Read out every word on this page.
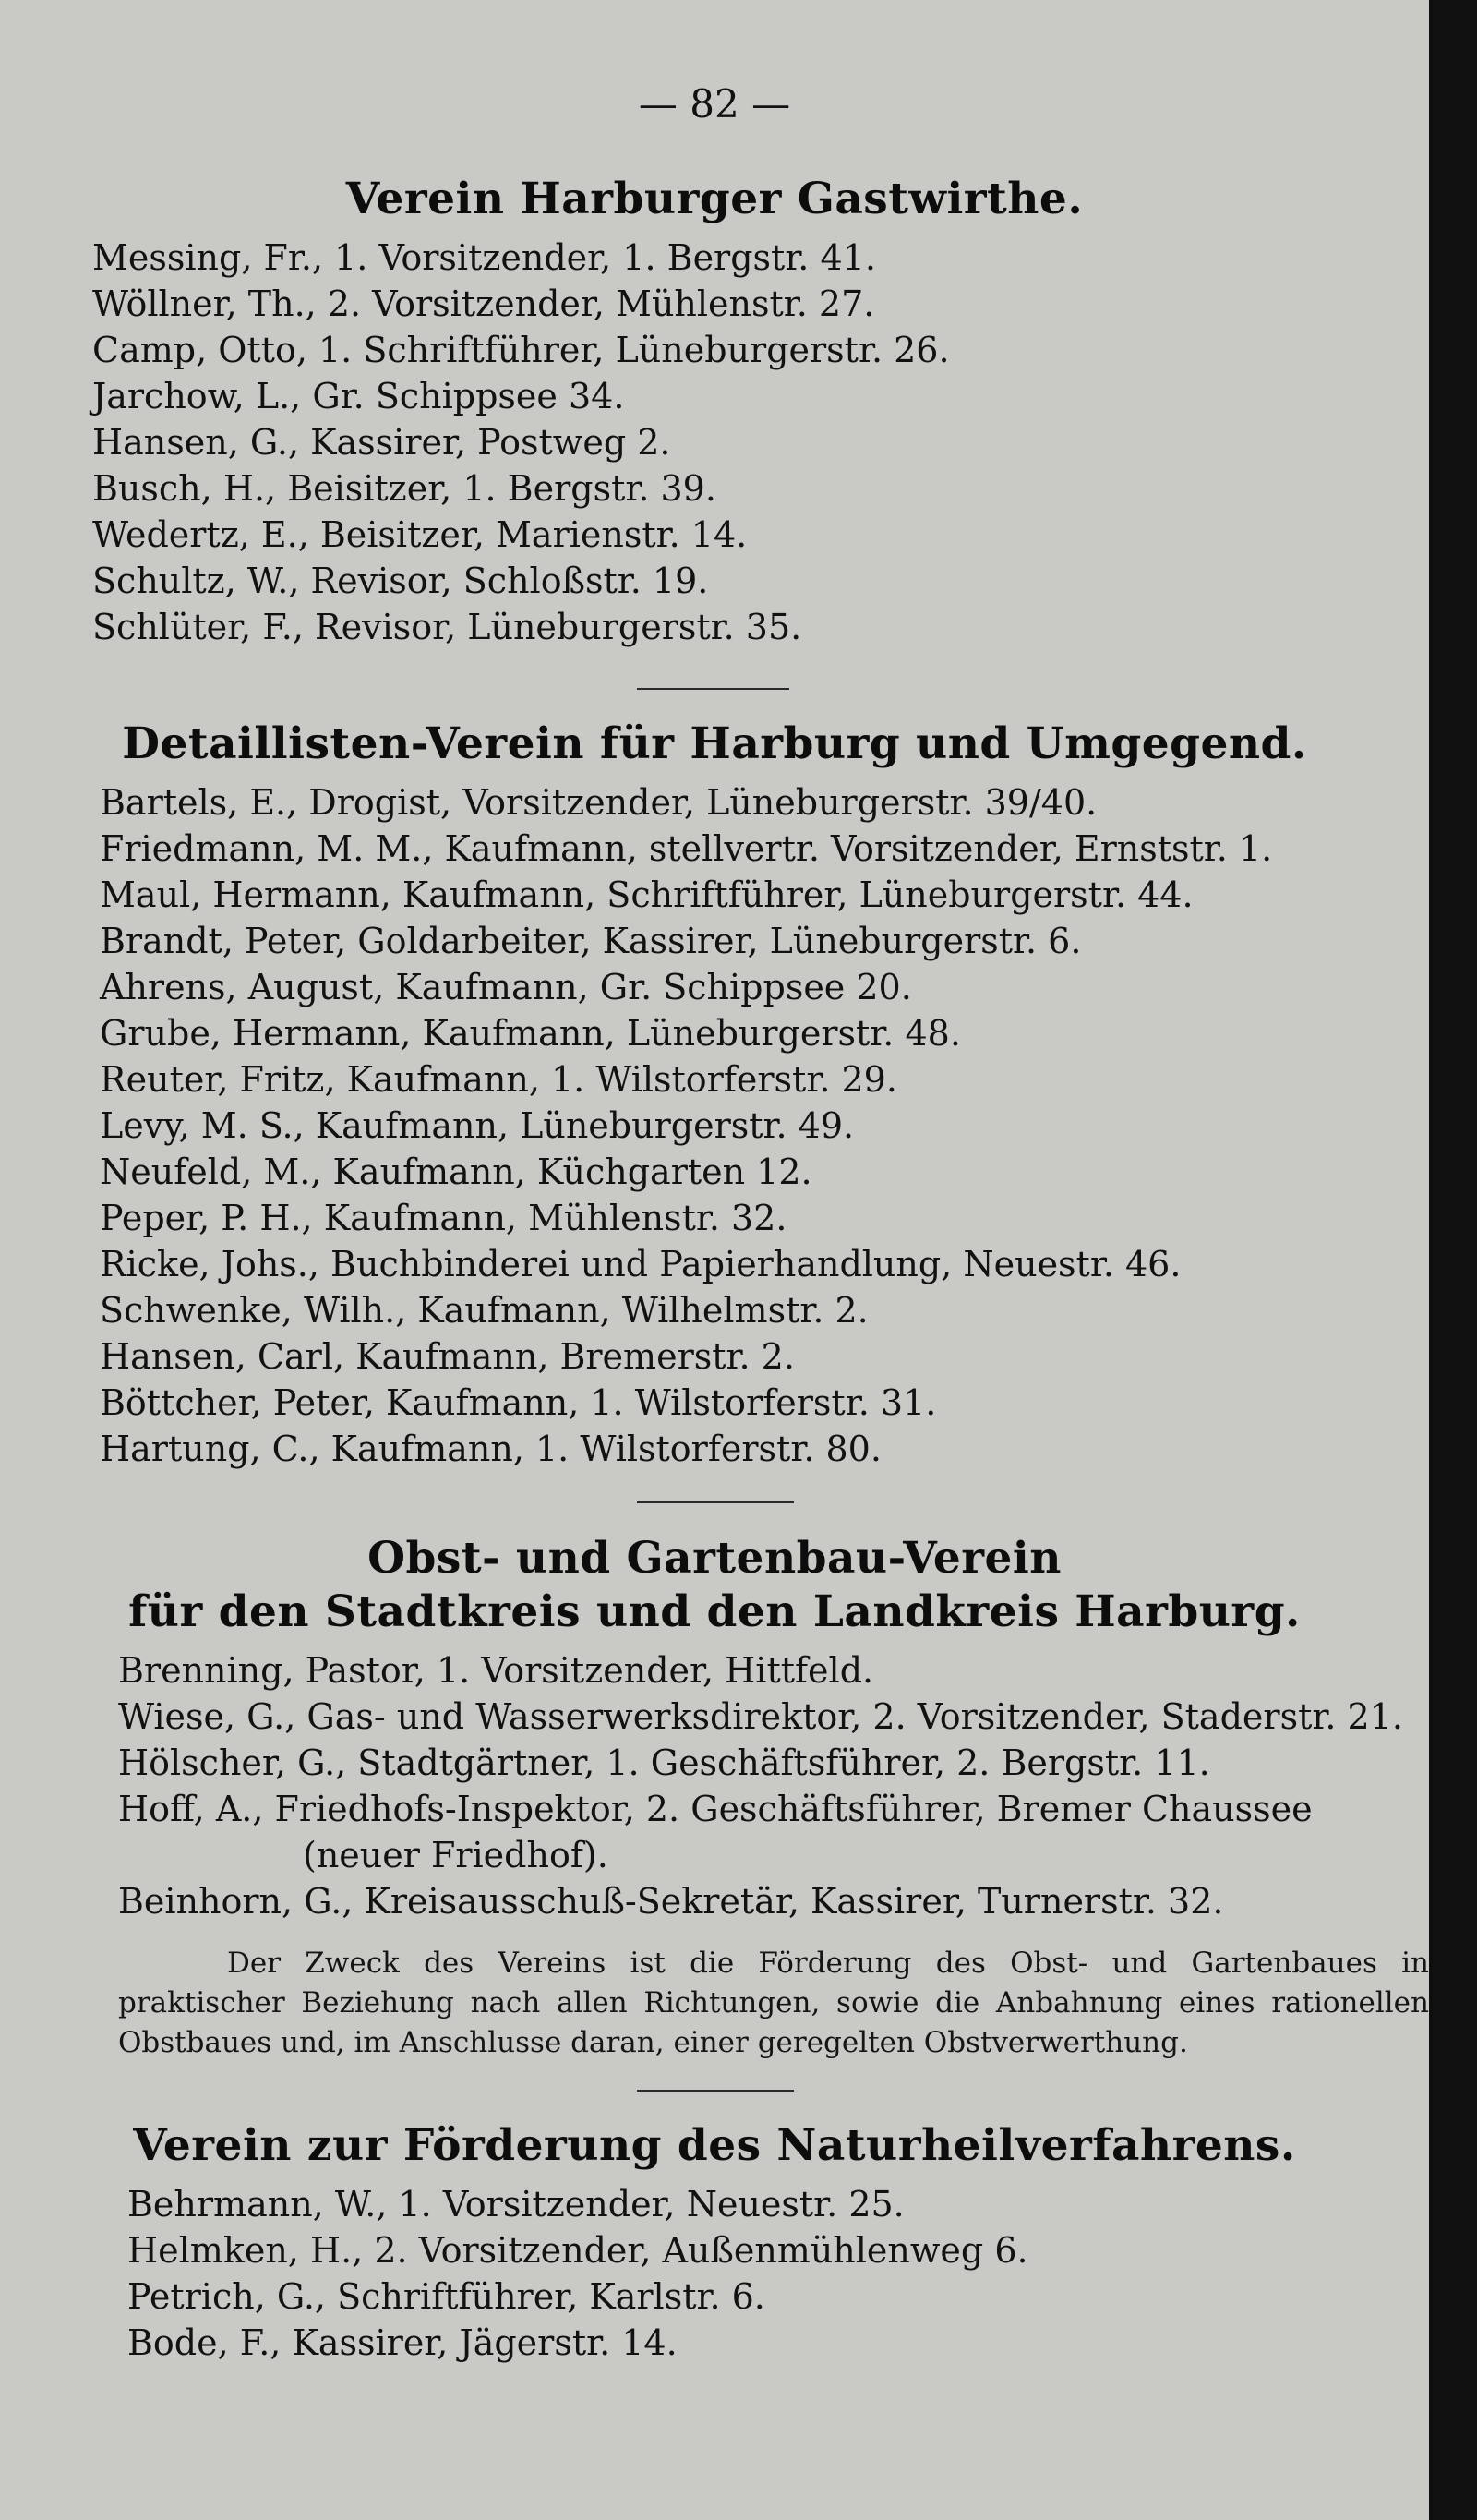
— 82 —
Verein Harburger Gastwirthe.
Messing, Fr., 1. Vorsitzender, 1. Bergstr. 41.
Wöllner, Th., 2. Vorsitzender, Mühlenstr. 27.
Camp, Otto, 1. Schriftführer, Lüneburgerstr. 26.
Jarchow, L., Gr. Schippsee 34.
Hansen, G., Kassirer, Postweg 2.
Busch, H., Beisitzer, 1. Bergstr. 39.
Wedertz, E., Beisitzer, Marienstr. 14.
Schultz, W., Revisor, Schloßstr. 19.
Schlüter, F., Revisor, Lüneburgerstr. 35.
Detaillisten-Verein für Harburg und Umgegend.
Bartels, E., Drogist, Vorsitzender, Lüneburgerstr. 39/40.
Friedmann, M. M., Kaufmann, stellvertr. Vorsitzender, Ernststr. 1.
Maul, Hermann, Kaufmann, Schriftführer, Lüneburgerstr. 44.
Brandt, Peter, Goldarbeiter, Kassirer, Lüneburgerstr. 6.
Ahrens, August, Kaufmann, Gr. Schippsee 20.
Grube, Hermann, Kaufmann, Lüneburgerstr. 48.
Reuter, Fritz, Kaufmann, 1. Wilstorferstr. 29.
Levy, M. S., Kaufmann, Lüneburgerstr. 49.
Neufeld, M., Kaufmann, Küchgarten 12.
Peper, P. H., Kaufmann, Mühlenstr. 32.
Ricke, Johs., Buchbinderei und Papierhandlung, Neuestr. 46.
Schwenke, Wilh., Kaufmann, Wilhelmstr. 2.
Hansen, Carl, Kaufmann, Bremerstr. 2.
Böttcher, Peter, Kaufmann, 1. Wilstorferstr. 31.
Hartung, C., Kaufmann, 1. Wilstorferstr. 80.
Obst- und Gartenbau-Verein
für den Stadtkreis und den Landkreis Harburg.
Brenning, Pastor, 1. Vorsitzender, Hittfeld.
Wiese, G., Gas- und Wasserwerksdirektor, 2. Vorsitzender, Staderstr. 21.
Hölscher, G., Stadtgärtner, 1. Geschäftsführer, 2. Bergstr. 11.
Hoff, A., Friedhofs-Inspektor, 2. Geschäftsführer, Bremer Chaussee
(neuer Friedhof).
Beinhorn, G., Kreisausschuß-Sekretär, Kassirer, Turnerstr. 32.
Der Zweck des Vereins ist die Förderung des Obst- und Gartenbaues in praktischer Beziehung nach allen Richtungen, sowie die Anbahnung eines rationellen Obstbaues und, im Anschlusse daran, einer geregelten Obstverwerthung.
Verein zur Förderung des Naturheilverfahrens.
Behrmann, W., 1. Vorsitzender, Neuestr. 25.
Helmken, H., 2. Vorsitzender, Außenmühlenweg 6.
Petrich, G., Schriftführer, Karlstr. 6.
Bode, F., Kassirer, Jägerstr. 14.
